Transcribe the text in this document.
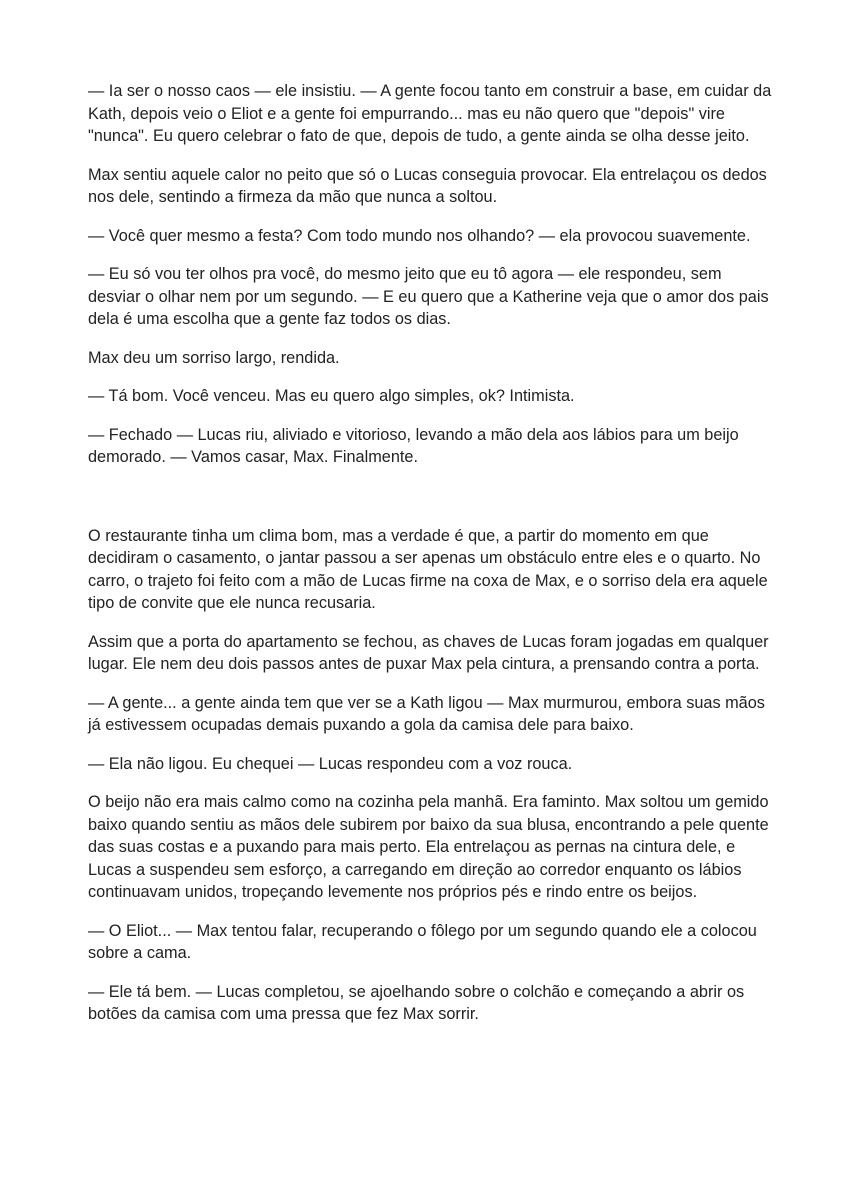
— Ia ser o nosso caos — ele insistiu. — A gente focou tanto em construir a base, em cuidar da Kath, depois veio o Eliot e a gente foi empurrando... mas eu não quero que "depois" vire "nunca". Eu quero celebrar o fato de que, depois de tudo, a gente ainda se olha desse jeito.

Max sentiu aquele calor no peito que só o Lucas conseguia provocar. Ela entrelaçou os dedos nos dele, sentindo a firmeza da mão que nunca a soltou.

— Você quer mesmo a festa? Com todo mundo nos olhando? — ela provocou suavemente.

— Eu só vou ter olhos pra você, do mesmo jeito que eu tô agora — ele respondeu, sem desviar o olhar nem por um segundo. — E eu quero que a Katherine veja que o amor dos pais dela é uma escolha que a gente faz todos os dias.

Max deu um sorriso largo, rendida.

— Tá bom. Você venceu. Mas eu quero algo simples, ok? Intimista.

— Fechado — Lucas riu, aliviado e vitorioso, levando a mão dela aos lábios para um beijo demorado. — Vamos casar, Max. Finalmente.

O restaurante tinha um clima bom, mas a verdade é que, a partir do momento em que decidiram o casamento, o jantar passou a ser apenas um obstáculo entre eles e o quarto. No carro, o trajeto foi feito com a mão de Lucas firme na coxa de Max, e o sorriso dela era aquele tipo de convite que ele nunca recusaria.

Assim que a porta do apartamento se fechou, as chaves de Lucas foram jogadas em qualquer lugar. Ele nem deu dois passos antes de puxar Max pela cintura, a prensando contra a porta.

— A gente... a gente ainda tem que ver se a Kath ligou — Max murmurou, embora suas mãos já estivessem ocupadas demais puxando a gola da camisa dele para baixo.

— Ela não ligou. Eu chequei — Lucas respondeu com a voz rouca.

O beijo não era mais calmo como na cozinha pela manhã. Era faminto. Max soltou um gemido baixo quando sentiu as mãos dele subirem por baixo da sua blusa, encontrando a pele quente das suas costas e a puxando para mais perto. Ela entrelaçou as pernas na cintura dele, e Lucas a suspendeu sem esforço, a carregando em direção ao corredor enquanto os lábios continuavam unidos, tropeçando levemente nos próprios pés e rindo entre os beijos.

— O Eliot... — Max tentou falar, recuperando o fôlego por um segundo quando ele a colocou sobre a cama.

— Ele tá bem. — Lucas completou, se ajoelhando sobre o colchão e começando a abrir os botões da camisa com uma pressa que fez Max sorrir.
